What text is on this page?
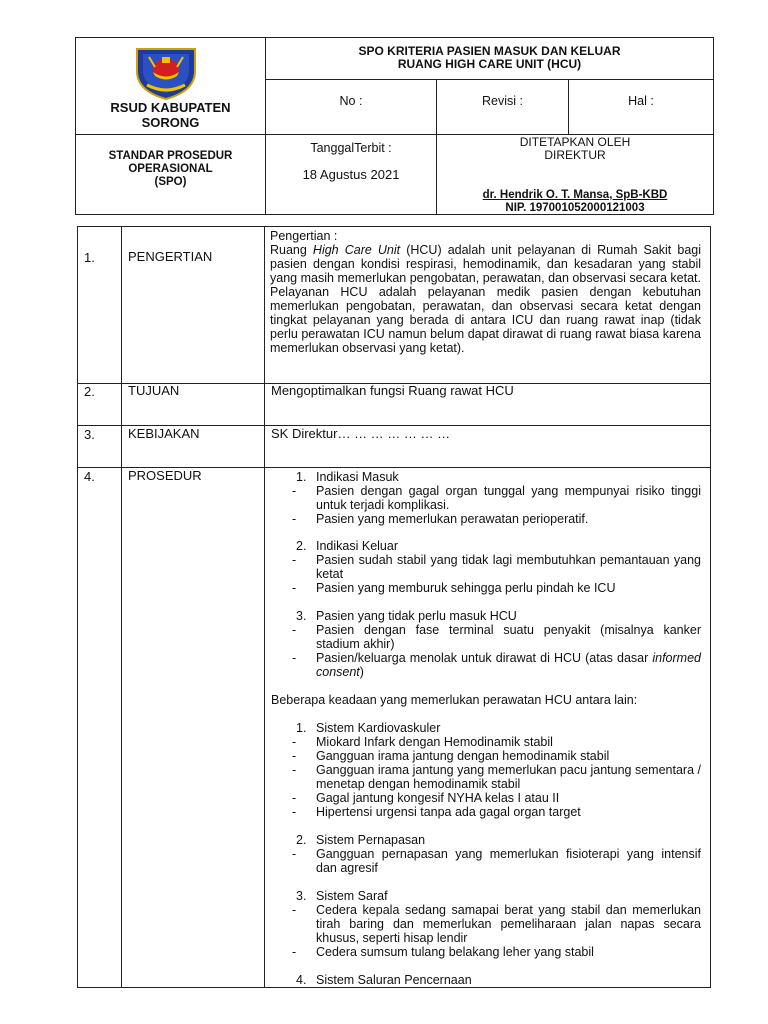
RSUD KABUPATEN
SORONG
SPO KRITERIA PASIEN MASUK DAN KELUAR
RUANG HIGH CARE UNIT (HCU)
No :	Revisi :	Hal :
STANDAR PROSEDUR
OPERASIONAL
(SPO)
TanggalTerbit :
18 Agustus 2021
DITETAPKAN OLEH
DIREKTUR
dr. Hendrik O. T. Mansa, SpB-KBD
NIP. 197001052000121003
1.	PENGERTIAN
Pengertian :
Ruang High Care Unit (HCU) adalah unit pelayanan di Rumah Sakit bagi pasien dengan kondisi respirasi, hemodinamik, dan kesadaran yang stabil yang masih memerlukan pengobatan, perawatan, dan observasi secara ketat. Pelayanan HCU adalah pelayanan medik pasien dengan kebutuhan memerlukan pengobatan, perawatan, dan observasi secara ketat dengan tingkat pelayanan yang berada di antara ICU dan ruang rawat inap (tidak perlu perawatan ICU namun belum dapat dirawat di ruang rawat biasa karena memerlukan observasi yang ketat).
2.	TUJUAN	Mengoptimalkan fungsi Ruang rawat HCU
3.	KEBIJAKAN	SK Direktur… … … … … … …
4.	PROSEDUR	1. Indikasi Masuk
- Pasien dengan gagal organ tunggal yang mempunyai risiko tinggi untuk terjadi komplikasi.
- Pasien yang memerlukan perawatan perioperatif.
2. Indikasi Keluar
- Pasien sudah stabil yang tidak lagi membutuhkan pemantauan yang ketat
- Pasien yang memburuk sehingga perlu pindah ke ICU
3. Pasien yang tidak perlu masuk HCU
- Pasien dengan fase terminal suatu penyakit (misalnya kanker stadium akhir)
- Pasien/keluarga menolak untuk dirawat di HCU (atas dasar informed consent)
Beberapa keadaan yang memerlukan perawatan HCU antara lain:
1. Sistem Kardiovaskuler
- Miokard Infark dengan Hemodinamik stabil
- Gangguan irama jantung dengan hemodinamik stabil
- Gangguan irama jantung yang memerlukan pacu jantung sementara / menetap dengan hemodinamik stabil
- Gagal jantung kongesif NYHA kelas I atau II
- Hipertensi urgensi tanpa ada gagal organ target
2. Sistem Pernapasan
- Gangguan pernapasan yang memerlukan fisioterapi yang intensif dan agresif
3. Sistem Saraf
- Cedera kepala sedang samapai berat yang stabil dan memerlukan tirah baring dan memerlukan pemeliharaan jalan napas secara khusus, seperti hisap lendir
- Cedera sumsum tulang belakang leher yang stabil
4. Sistem Saluran Pencernaan
